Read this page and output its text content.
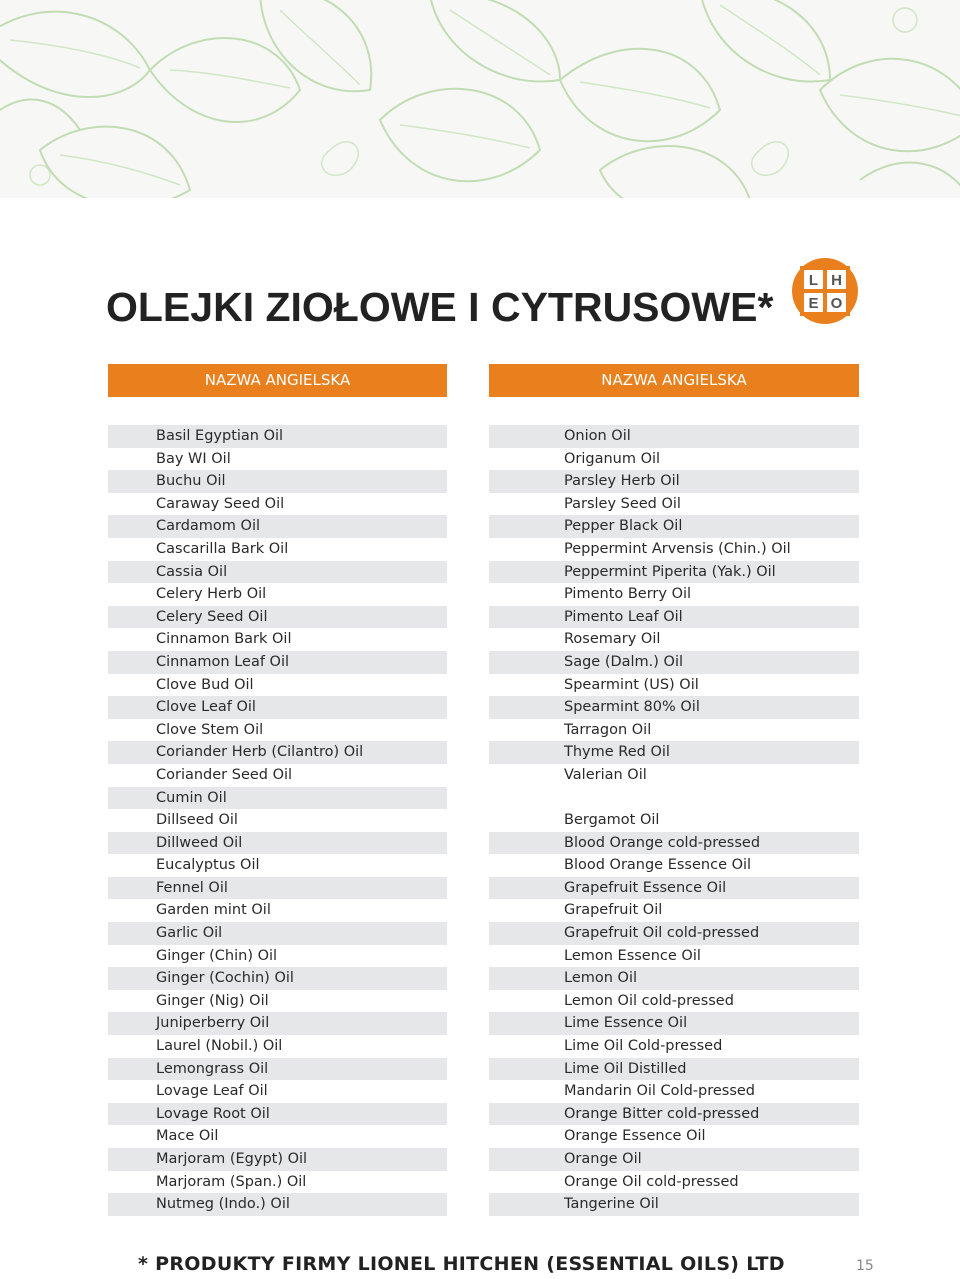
L H
E O
OLEJKI ZIOŁOWE I CYTRUSOWE*
NAZWA ANGIELSKA	NAZWA ANGIELSKA
Basil Egyptian Oil
Bay WI Oil
Buchu Oil
Caraway Seed Oil
Cardamom Oil
Cascarilla Bark Oil
Cassia Oil
Celery Herb Oil
Celery Seed Oil
Cinnamon Bark Oil
Cinnamon Leaf Oil
Clove Bud Oil
Clove Leaf Oil
Clove Stem Oil
Coriander Herb (Cilantro) Oil
Coriander Seed Oil
Cumin Oil
Dillseed Oil
Dillweed Oil
Eucalyptus Oil
Fennel Oil
Garden mint Oil
Garlic Oil
Ginger (Chin) Oil
Ginger (Cochin) Oil
Ginger (Nig) Oil
Juniperberry Oil
Laurel (Nobil.) Oil
Lemongrass Oil
Lovage Leaf Oil
Lovage Root Oil
Mace Oil
Marjoram (Egypt) Oil
Marjoram (Span.) Oil
Nutmeg (Indo.) Oil
Onion Oil
Origanum Oil
Parsley Herb Oil
Parsley Seed Oil
Pepper Black Oil
Peppermint Arvensis (Chin.) Oil
Peppermint Piperita (Yak.) Oil
Pimento Berry Oil
Pimento Leaf Oil
Rosemary Oil
Sage (Dalm.) Oil
Spearmint (US) Oil
Spearmint 80% Oil
Tarragon Oil
Thyme Red Oil
Valerian Oil
Bergamot Oil
Blood Orange cold-pressed
Blood Orange Essence Oil
Grapefruit Essence Oil
Grapefruit Oil
Grapefruit Oil cold-pressed
Lemon Essence Oil
Lemon Oil
Lemon Oil cold-pressed
Lime Essence Oil
Lime Oil Cold-pressed
Lime Oil Distilled
Mandarin Oil Cold-pressed
Orange Bitter cold-pressed
Orange Essence Oil
Orange Oil
Orange Oil cold-pressed
Tangerine Oil
* PRODUKTY FIRMY LIONEL HITCHEN (ESSENTIAL OILS) LTD	15
